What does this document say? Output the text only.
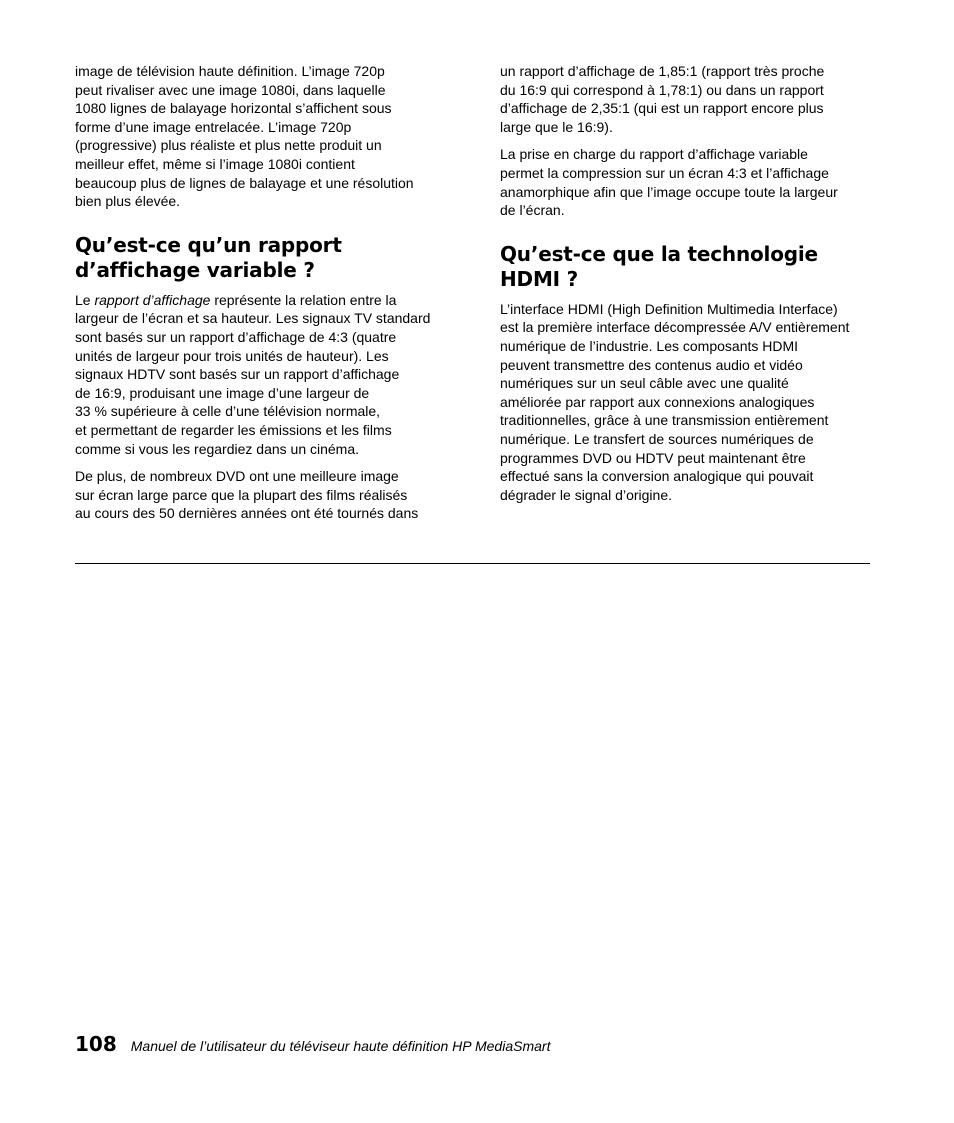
image de télévision haute définition. L’image 720p
peut rivaliser avec une image 1080i, dans laquelle
1080 lignes de balayage horizontal s’affichent sous
forme d’une image entrelacée. L’image 720p
(progressive) plus réaliste et plus nette produit un
meilleur effet, même si l’image 1080i contient
beaucoup plus de lignes de balayage et une résolution
bien plus élevée.
Qu’est-ce qu’un rapport
d’affichage variable ?
Le rapport d’affichage représente la relation entre la
largeur de l’écran et sa hauteur. Les signaux TV standard
sont basés sur un rapport d’affichage de 4:3 (quatre
unités de largeur pour trois unités de hauteur). Les
signaux HDTV sont basés sur un rapport d’affichage
de 16:9, produisant une image d’une largeur de
33 % supérieure à celle d’une télévision normale,
et permettant de regarder les émissions et les films
comme si vous les regardiez dans un cinéma.
De plus, de nombreux DVD ont une meilleure image
sur écran large parce que la plupart des films réalisés
au cours des 50 dernières années ont été tournés dans
un rapport d’affichage de 1,85:1 (rapport très proche
du 16:9 qui correspond à 1,78:1) ou dans un rapport
d’affichage de 2,35:1 (qui est un rapport encore plus
large que le 16:9).
La prise en charge du rapport d’affichage variable
permet la compression sur un écran 4:3 et l’affichage
anamorphique afin que l’image occupe toute la largeur
de l’écran.
Qu’est-ce que la technologie
HDMI ?
L’interface HDMI (High Definition Multimedia Interface)
est la première interface décompressée A/V entièrement
numérique de l’industrie. Les composants HDMI
peuvent transmettre des contenus audio et vidéo
numériques sur un seul câble avec une qualité
améliorée par rapport aux connexions analogiques
traditionnelles, grâce à une transmission entièrement
numérique. Le transfert de sources numériques de
programmes DVD ou HDTV peut maintenant être
effectué sans la conversion analogique qui pouvait
dégrader le signal d’origine.
108 Manuel de l’utilisateur du téléviseur haute définition HP MediaSmart
